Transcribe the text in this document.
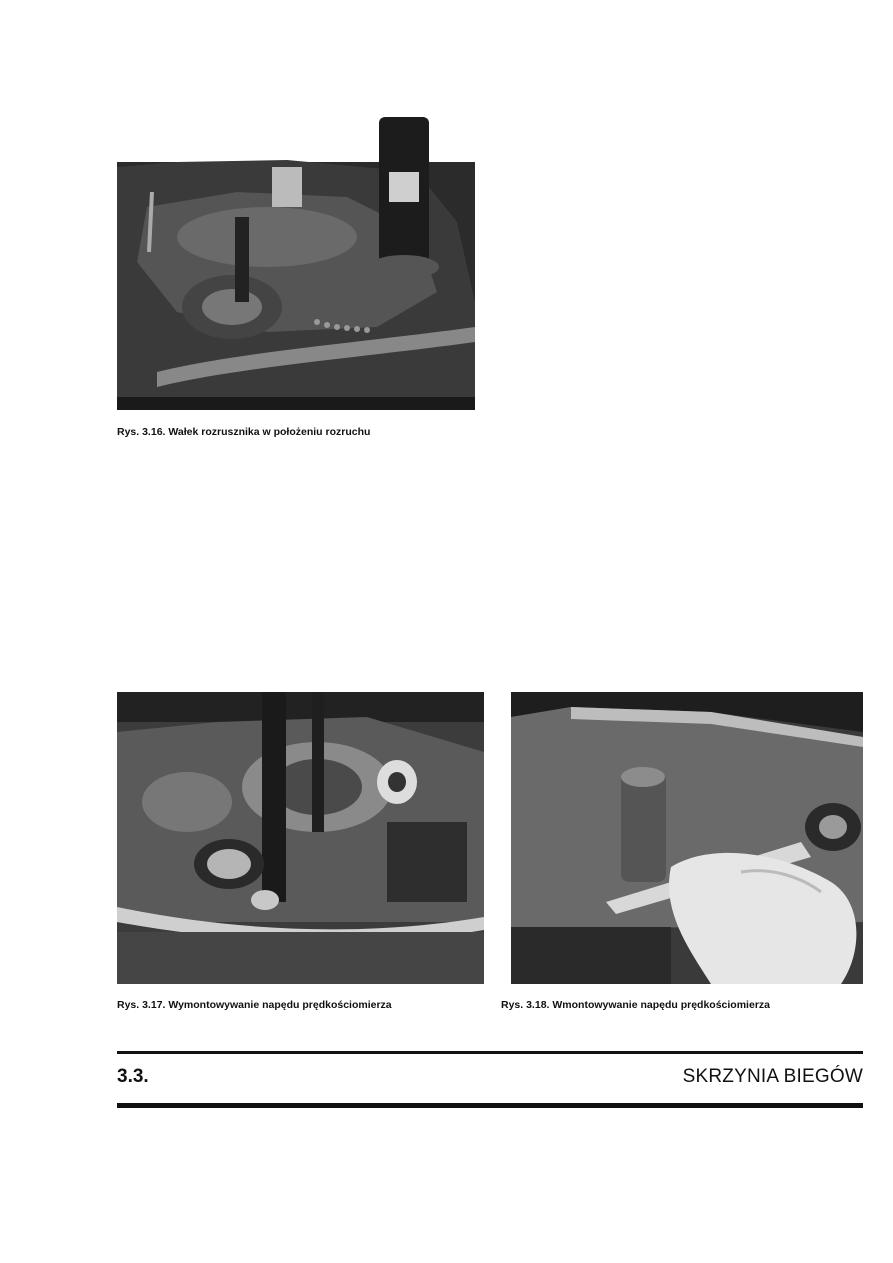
Rys. 3.16. Wałek rozrusznika w położeniu rozruchu
Rys. 3.17. Wymontowywanie napędu prędkościomierza	Rys. 3.18. Wmontowywanie napędu prędkościomierza
3.3.	SKRZYNIA BIEGÓW
